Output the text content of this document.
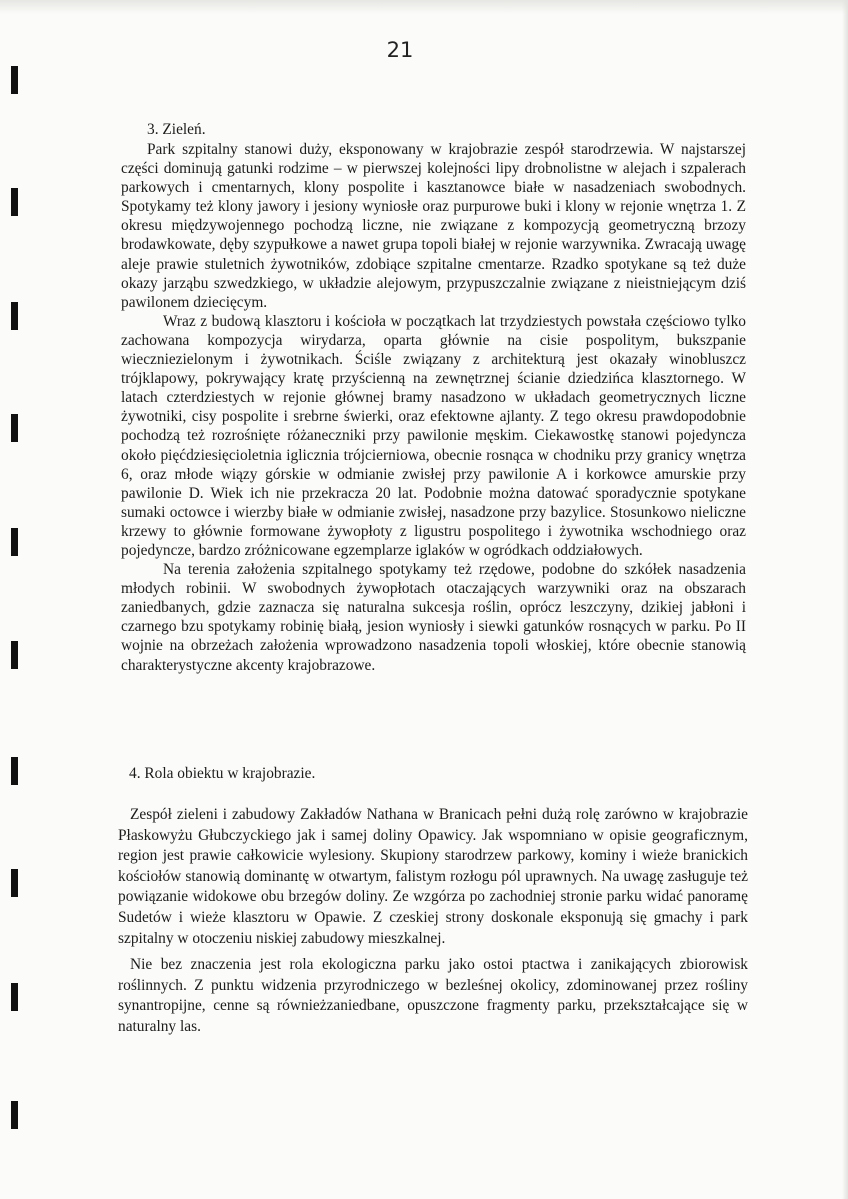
21
3. Zieleń.

Park szpitalny stanowi duży, eksponowany w krajobrazie zespół starodrzewia. W najstarszej części dominują gatunki rodzime – w pierwszej kolejności lipy drobnolistne w alejach i szpalerach parkowych i cmentarnych, klony pospolite i kasztanowce białe w nasadzeniach swobodnych. Spotykamy też klony jawory i jesiony wyniosłe oraz purpurowe buki i klony w rejonie wnętrza 1. Z okresu międzywojennego pochodzą liczne, nie związane z kompozycją geometryczną brzozy brodawkowate, dęby szypułkowe a nawet grupa topoli białej w rejonie warzywnika. Zwracają uwagę aleje prawie stuletnich żywotników, zdobiące szpitalne cmentarze. Rzadko spotykane są też duże okazy jarząbu szwedzkiego, w układzie alejowym, przypuszczalnie związane z nieistniejącym dziś pawilonem dziecięcym.

Wraz z budową klasztoru i kościoła w początkach lat trzydziestych powstała częściowo tylko zachowana kompozycja wirydarza, oparta głównie na cisie pospolitym, bukszpanie wieczniezielonym i żywotnikach. Ściśle związany z architekturą jest okazały winobluszcz trójklapowy, pokrywający kratę przyścienną na zewnętrznej ścianie dziedzińca klasztornego. W latach czterdziestych w rejonie głównej bramy nasadzono w układach geometrycznych liczne żywotniki, cisy pospolite i srebrne świerki, oraz efektowne ajlanty. Z tego okresu prawdopodobnie pochodzą też rozrośnięte różaneczniki przy pawilonie męskim. Ciekawostkę stanowi pojedyncza około pięćdziesięcioletnia iglicznia trójcierniowa, obecnie rosnąca w chodniku przy granicy wnętrza 6, oraz młode wiązy górskie w odmianie zwisłej przy pawilonie A i korkowce amurskie przy pawilonie D. Wiek ich nie przekracza 20 lat. Podobnie można datować sporadycznie spotykane sumaki octowce i wierzby białe w odmianie zwisłej, nasadzone przy bazylice. Stosunkowo nieliczne krzewy to głównie formowane żywopłoty z ligustru pospolitego i żywotnika wschodniego oraz pojedyncze, bardzo zróżnicowane egzemplarze iglaków w ogródkach oddziałowych.

Na terenia założenia szpitalnego spotykamy też rzędowe, podobne do szkółek nasadzenia młodych robinii. W swobodnych żywopłotach otaczających warzywniki oraz na obszarach zaniedbanych, gdzie zaznacza się naturalna sukcesja roślin, oprócz leszczyny, dzikiej jabłoni i czarnego bzu spotykamy robinię białą, jesion wyniosły i siewki gatunków rosnących w parku. Po II wojnie na obrzeżach założenia wprowadzono nasadzenia topoli włoskiej, które obecnie stanowią charakterystyczne akcenty krajobrazowe.

4. Rola obiektu w krajobrazie.

Zespół zieleni i zabudowy Zakładów Nathana w Branicach pełni dużą rolę zarówno w krajobrazie Płaskowyżu Głubczyckiego jak i samej doliny Opawicy. Jak wspomniano w opisie geograficznym, region jest prawie całkowicie wylesiony. Skupiony starodrzew parkowy, kominy i wieże branickich kościołów stanowią dominantę w otwartym, falistym rozłogu pól uprawnych. Na uwagę zasługuje też powiązanie widokowe obu brzegów doliny. Ze wzgórza po zachodniej stronie parku widać panoramę Sudetów i wieże klasztoru w Opawie. Z czeskiej strony doskonale eksponują się gmachy i park szpitalny w otoczeniu niskiej zabudowy mieszkalnej.

Nie bez znaczenia jest rola ekologiczna parku jako ostoi ptactwa i zanikających zbiorowisk roślinnych. Z punktu widzenia przyrodniczego w bezleśnej okolicy, zdominowanej przez rośliny synantropijne, cenne są równieżzaniedbane, opuszczone fragmenty parku, przekształcające się w naturalny las.
